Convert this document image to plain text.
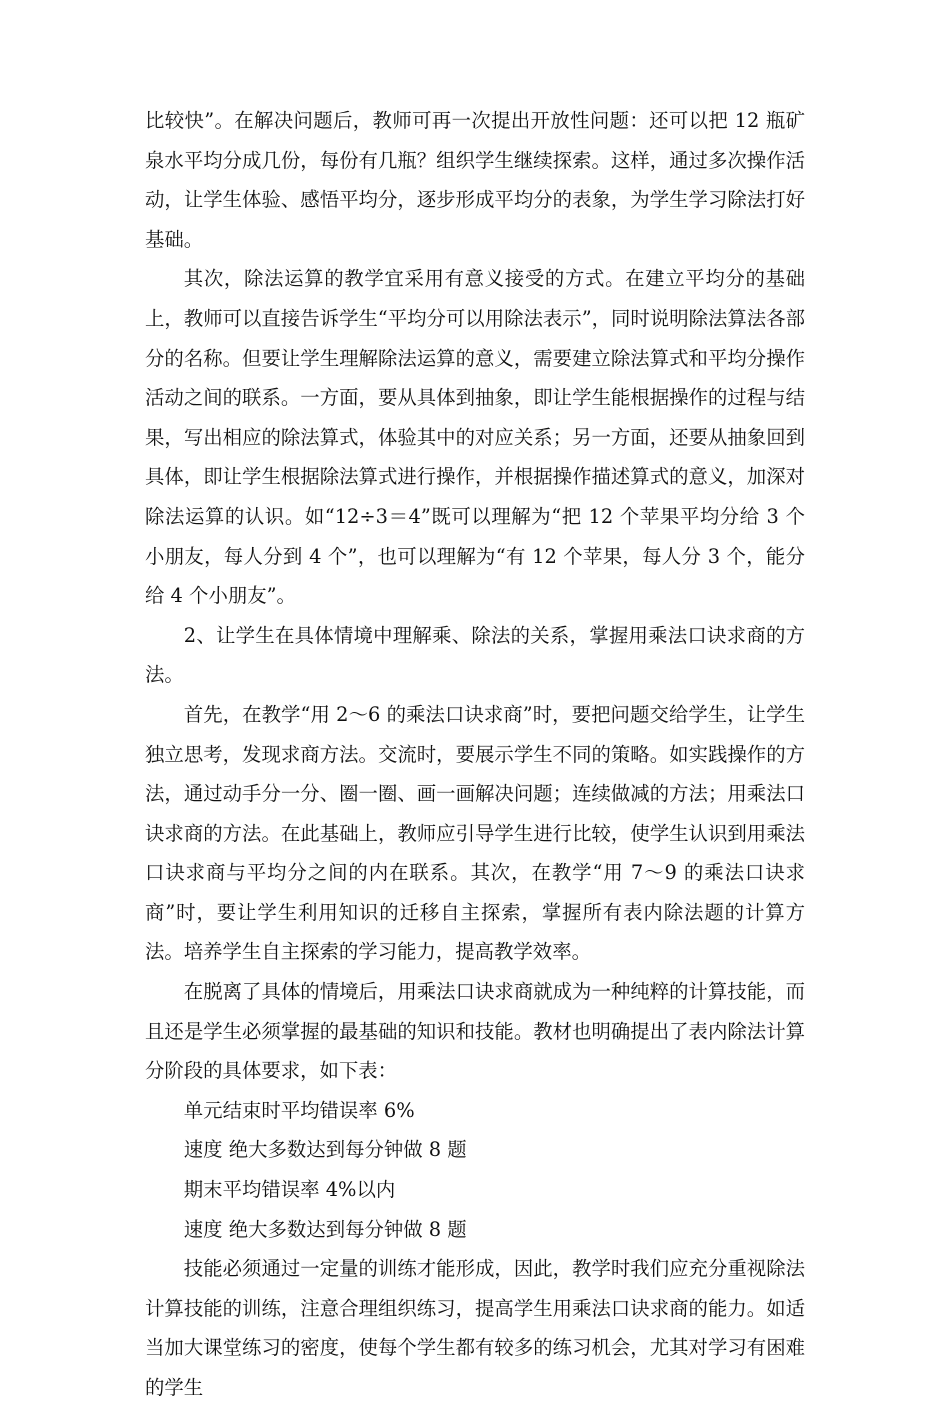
比较快”。在解决问题后，教师可再一次提出开放性问题：还可以把 12 瓶矿泉水平均分成几份，每份有几瓶？组织学生继续探索。这样，通过多次操作活动，让学生体验、感悟平均分，逐步形成平均分的表象，为学生学习除法打好基础。

其次，除法运算的教学宜采用有意义接受的方式。在建立平均分的基础上，教师可以直接告诉学生“平均分可以用除法表示”，同时说明除法算法各部分的名称。但要让学生理解除法运算的意义，需要建立除法算式和平均分操作活动之间的联系。一方面，要从具体到抽象，即让学生能根据操作的过程与结果，写出相应的除法算式，体验其中的对应关系；另一方面，还要从抽象回到具体，即让学生根据除法算式进行操作，并根据操作描述算式的意义，加深对除法运算的认识。如“12÷3＝4”既可以理解为“把 12 个苹果平均分给 3 个小朋友，每人分到 4 个”，也可以理解为“有 12 个苹果，每人分 3 个，能分给 4 个小朋友”。

2、让学生在具体情境中理解乘、除法的关系，掌握用乘法口诀求商的方法。

首先，在教学“用 2～6 的乘法口诀求商”时，要把问题交给学生，让学生独立思考，发现求商方法。交流时，要展示学生不同的策略。如实践操作的方法，通过动手分一分、圈一圈、画一画解决问题；连续做减的方法；用乘法口诀求商的方法。在此基础上，教师应引导学生进行比较，使学生认识到用乘法口诀求商与平均分之间的内在联系。其次，在教学“用 7～9 的乘法口诀求商”时，要让学生利用知识的迁移自主探索，掌握所有表内除法题的计算方法。培养学生自主探索的学习能力，提高教学效率。

在脱离了具体的情境后，用乘法口诀求商就成为一种纯粹的计算技能，而且还是学生必须掌握的最基础的知识和技能。教材也明确提出了表内除法计算分阶段的具体要求，如下表：

单元结束时平均错误率 6%

速度 绝大多数达到每分钟做 8 题

期末平均错误率 4%以内

速度 绝大多数达到每分钟做 8 题

技能必须通过一定量的训练才能形成，因此，教学时我们应充分重视除法计算技能的训练，注意合理组织练习，提高学生用乘法口诀求商的能力。如适当加大课堂练习的密度，使每个学生都有较多的练习机会，尤其对学习有困难的学生
